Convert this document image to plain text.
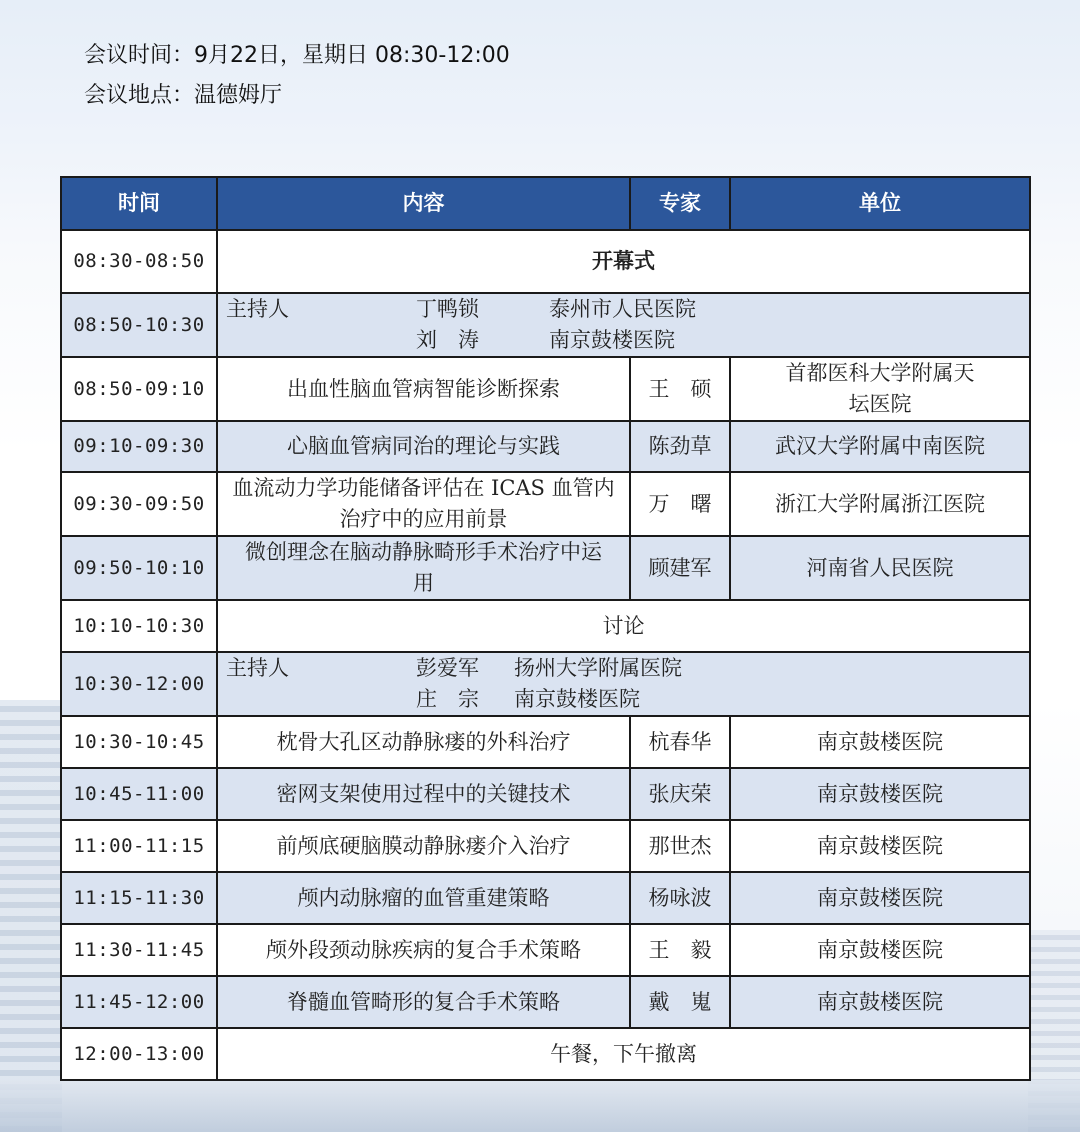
会议时间：9月22日，星期日 08:30-12:00
会议地点：温德姆厅
时间	内容	专家	单位
08:30-08:50	开幕式		
08:50-10:30	主持人 丁鸭锁 泰州市人民医院
刘　涛 南京鼓楼医院		

08:50-09:10	出血性脑血管病智能诊断探索	王　硕	首都医科大学附属天坛医院
09:10-09:30	心脑血管病同治的理论与实践	陈劲草	武汉大学附属中南医院
09:30-09:50	血流动力学功能储备评估在 ICAS 血管内治疗中的应用前景	万　曙	浙江大学附属浙江医院
09:50-10:10	微创理念在脑动静脉畸形手术治疗中运用	顾建军	河南省人民医院
10:10-10:30	讨论		
10:30-12:00	主持人 彭爱军 扬州大学附属医院
庄　宗 南京鼓楼医院		

10:30-10:45	枕骨大孔区动静脉瘘的外科治疗	杭春华	南京鼓楼医院
10:45-11:00	密网支架使用过程中的关键技术	张庆荣	南京鼓楼医院
11:00-11:15	前颅底硬脑膜动静脉瘘介入治疗	那世杰	南京鼓楼医院
11:15-11:30	颅内动脉瘤的血管重建策略	杨咏波	南京鼓楼医院
11:30-11:45	颅外段颈动脉疾病的复合手术策略	王　毅	南京鼓楼医院
11:45-12:00	脊髓血管畸形的复合手术策略	戴　嵬	南京鼓楼医院
12:00-13:00	午餐，下午撤离		
